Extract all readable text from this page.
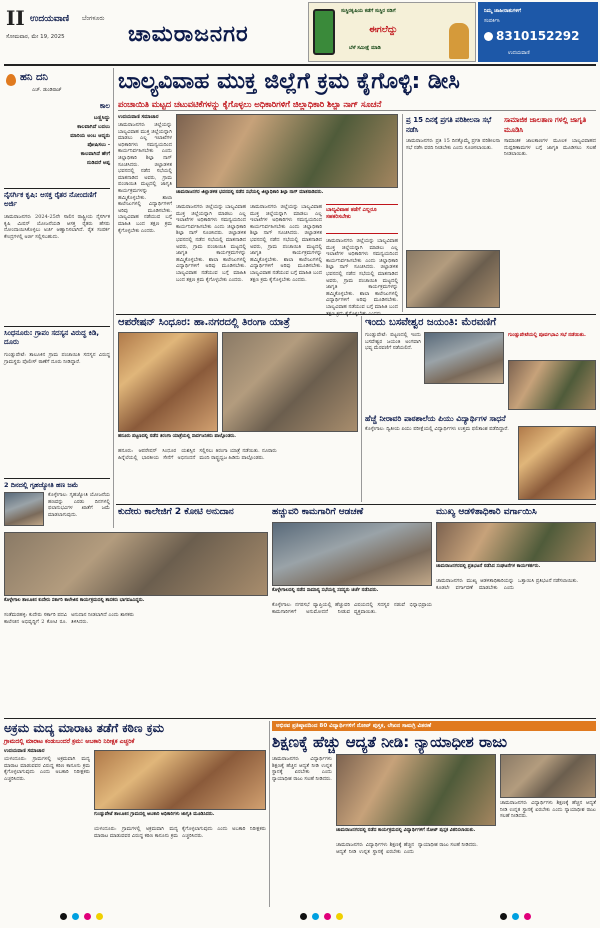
II ಉದಯವಾಣಿ ಬೆಂಗಳೂರು
ಸೋಮವಾರ, ಮೇ 19, 2025	ಚಾಮರಾಜನಗರ
ಸುಸ್ಥಿರಕೃಷಿಯ ಕಡೆಗೆ ಸುಸ್ಥಿರ ನಡಿಗೆ
ಈಗಲೆದ್ದು
ಬೆಳೆ ಸಮೀಕ್ಷೆ ಮಾಡಿ
ನಿಮ್ಮ ಜಾಹೀರಾತುಗಳಿಗೆ
ಸಂಪರ್ಕಿಸಿ
8310152292
ಉದಯವಾಣಿ
ಹನಿ ದನಿ
ಎಚ್. ಡುಂಡಿರಾಜ್
ಕಾಲ
ಬಣ್ಣಿಸಿದ್ದು
ಕಾಲವಾಗಿದೆ ಬದಲು
ಮಾರಿಯ ಅಂಬ ಆದ್ಯರು
ಪೋಷಿಸಲು -
ಕಾಲವಾಗಿದೆ ಹೇಗೆ
ನುಡಿದರೆ ಅಪ್ಪ
ನೈಸರ್ಗಿಕ ಕೃಷಿ: ಆಸಕ್ತ ರೈತರ ನೋಂದಣಿಗೆ ಅರ್ಜಿ
ಚಾಮರಾಜನಗರ: 2024-25ನೇ ಸಾಲಿನ ರಾಷ್ಟ್ರೀಯ ನೈಸರ್ಗಿಕ ಕೃಷಿ ಮಿಷನ್ ಯೋಜನೆಯಡಿ ಆಸಕ್ತ ರೈತರು ಹೆಸರು ನೋಂದಾಯಿಸಿಕೊಳ್ಳಲು ಅರ್ಜಿ ಆಹ್ವಾನಿಸಲಾಗಿದೆ. ರೈತ ಸಂಪರ್ಕ ಕೇಂದ್ರಗಳಲ್ಲಿ ಅರ್ಜಿ ಸಲ್ಲಿಸಬಹುದು.
ಸಿಂಧನೂರು: ಗ್ರಾಪಂ ಸದಸ್ಯನ ವಿರುದ್ಧ ಕಿಡಿ, ದೂರು
ಗುಂಡ್ಲುಪೇಟೆ: ತಾಲೂಕಿನ ಗ್ರಾಮ ಪಂಚಾಯಿತಿ ಸದಸ್ಯನ ವಿರುದ್ಧ ಗ್ರಾಮಸ್ಥರು ಪೊಲೀಸ್ ಠಾಣೆಗೆ ದೂರು ನೀಡಿದ್ದಾರೆ.
2 ದಿನದಲ್ಲಿ ಗೃಹಜ್ಯೋತಿ ಹಣ ಜಮೆ
ಕೊಳ್ಳೇಗಾಲ: ಗೃಹಜ್ಯೋತಿ ಯೋಜನೆಯ ಹಣವನ್ನು ಎರಡು ದಿನಗಳಲ್ಲಿ ಫಲಾನುಭವಿಗಳ ಖಾತೆಗೆ ಜಮೆ ಮಾಡಲಾಗುವುದು.
ಬಾಲ್ಯವಿವಾಹ ಮುಕ್ತ ಜಿಲ್ಲೆಗೆ ಕ್ರಮ ಕೈಗೊಳ್ಳಿ: ಡೀಸಿ
ಪಂಚಾಯಿತಿ ಮಟ್ಟದ ಚಟುವಟಿಕೆಗಳನ್ನು ಕೈಗೊಳ್ಳಲು ಅಧಿಕಾರಿಗಳಿಗೆ ಜಿಲ್ಲಾಧಿಕಾರಿ ಶಿಲ್ಪಾ ನಾಗ್ ಸೂಚನೆ
ಉದಯವಾಣಿ ಸಮಾಚಾರ
ಚಾಮರಾಜನಗರ: ಜಿಲ್ಲೆಯನ್ನು ಬಾಲ್ಯವಿವಾಹ ಮುಕ್ತ ಜಿಲ್ಲೆಯನ್ನಾಗಿ ಮಾಡಲು ಎಲ್ಲ ಇಲಾಖೆಗಳ ಅಧಿಕಾರಿಗಳು ಸಮನ್ವಯದಿಂದ ಕಾರ್ಯನಿರ್ವಹಿಸಬೇಕು ಎಂದು ಜಿಲ್ಲಾಧಿಕಾರಿ ಶಿಲ್ಪಾ ನಾಗ್ ಸೂಚಿಸಿದರು. ಜಿಲ್ಲಾಡಳಿತ ಭವನದಲ್ಲಿ ನಡೆದ ಸಭೆಯಲ್ಲಿ ಮಾತನಾಡಿದ ಅವರು, ಗ್ರಾಮ ಪಂಚಾಯಿತಿ ಮಟ್ಟದಲ್ಲಿ ಜಾಗೃತಿ ಕಾರ್ಯಕ್ರಮಗಳನ್ನು ಹಮ್ಮಿಕೊಳ್ಳಬೇಕು. ಶಾಲಾ ಕಾಲೇಜುಗಳಲ್ಲಿ ವಿದ್ಯಾರ್ಥಿಗಳಿಗೆ ಅರಿವು ಮೂಡಿಸಬೇಕು. ಬಾಲ್ಯವಿವಾಹ ನಡೆಯುವ ಬಗ್ಗೆ ಮಾಹಿತಿ ಬಂದ ತಕ್ಷಣ ಕ್ರಮ ಕೈಗೊಳ್ಳಬೇಕು ಎಂದರು.
ಚಾಮರಾಜನಗರ ಜಿಲ್ಲಾಡಳಿತ ಭವನದಲ್ಲಿ ನಡೆದ ಸಭೆಯಲ್ಲಿ ಜಿಲ್ಲಾಧಿಕಾರಿ ಶಿಲ್ಪಾ ನಾಗ್ ಮಾತನಾಡಿದರು.
ಚಾಮರಾಜನಗರ: ಜಿಲ್ಲೆಯನ್ನು ಬಾಲ್ಯವಿವಾಹ ಮುಕ್ತ ಜಿಲ್ಲೆಯನ್ನಾಗಿ ಮಾಡಲು ಎಲ್ಲ ಇಲಾಖೆಗಳ ಅಧಿಕಾರಿಗಳು ಸಮನ್ವಯದಿಂದ ಕಾರ್ಯನಿರ್ವಹಿಸಬೇಕು ಎಂದು ಜಿಲ್ಲಾಧಿಕಾರಿ ಶಿಲ್ಪಾ ನಾಗ್ ಸೂಚಿಸಿದರು. ಜಿಲ್ಲಾಡಳಿತ ಭವನದಲ್ಲಿ ನಡೆದ ಸಭೆಯಲ್ಲಿ ಮಾತನಾಡಿದ ಅವರು, ಗ್ರಾಮ ಪಂಚಾಯಿತಿ ಮಟ್ಟದಲ್ಲಿ ಜಾಗೃತಿ ಕಾರ್ಯಕ್ರಮಗಳನ್ನು ಹಮ್ಮಿಕೊಳ್ಳಬೇಕು. ಶಾಲಾ ಕಾಲೇಜುಗಳಲ್ಲಿ ವಿದ್ಯಾರ್ಥಿಗಳಿಗೆ ಅರಿವು ಮೂಡಿಸಬೇಕು. ಬಾಲ್ಯವಿವಾಹ ನಡೆಯುವ ಬಗ್ಗೆ ಮಾಹಿತಿ ಬಂದ ತಕ್ಷಣ ಕ್ರಮ ಕೈಗೊಳ್ಳಬೇಕು ಎಂದರು.
ಚಾಮರಾಜನಗರ: ಜಿಲ್ಲೆಯನ್ನು ಬಾಲ್ಯವಿವಾಹ ಮುಕ್ತ ಜಿಲ್ಲೆಯನ್ನಾಗಿ ಮಾಡಲು ಎಲ್ಲ ಇಲಾಖೆಗಳ ಅಧಿಕಾರಿಗಳು ಸಮನ್ವಯದಿಂದ ಕಾರ್ಯನಿರ್ವಹಿಸಬೇಕು ಎಂದು ಜಿಲ್ಲಾಧಿಕಾರಿ ಶಿಲ್ಪಾ ನಾಗ್ ಸೂಚಿಸಿದರು. ಜಿಲ್ಲಾಡಳಿತ ಭವನದಲ್ಲಿ ನಡೆದ ಸಭೆಯಲ್ಲಿ ಮಾತನಾಡಿದ ಅವರು, ಗ್ರಾಮ ಪಂಚಾಯಿತಿ ಮಟ್ಟದಲ್ಲಿ ಜಾಗೃತಿ ಕಾರ್ಯಕ್ರಮಗಳನ್ನು ಹಮ್ಮಿಕೊಳ್ಳಬೇಕು. ಶಾಲಾ ಕಾಲೇಜುಗಳಲ್ಲಿ ವಿದ್ಯಾರ್ಥಿಗಳಿಗೆ ಅರಿವು ಮೂಡಿಸಬೇಕು. ಬಾಲ್ಯವಿವಾಹ ನಡೆಯುವ ಬಗ್ಗೆ ಮಾಹಿತಿ ಬಂದ ತಕ್ಷಣ ಕ್ರಮ ಕೈಗೊಳ್ಳಬೇಕು ಎಂದರು.
ಬಾಲ್ಯವಿವಾಹ ತಡೆಗೆ ಎಲ್ಲರೂ ಸಹಕರಿಸಬೇಕು
ಚಾಮರಾಜನಗರ: ಜಿಲ್ಲೆಯನ್ನು ಬಾಲ್ಯವಿವಾಹ ಮುಕ್ತ ಜಿಲ್ಲೆಯನ್ನಾಗಿ ಮಾಡಲು ಎಲ್ಲ ಇಲಾಖೆಗಳ ಅಧಿಕಾರಿಗಳು ಸಮನ್ವಯದಿಂದ ಕಾರ್ಯನಿರ್ವಹಿಸಬೇಕು ಎಂದು ಜಿಲ್ಲಾಧಿಕಾರಿ ಶಿಲ್ಪಾ ನಾಗ್ ಸೂಚಿಸಿದರು. ಜಿಲ್ಲಾಡಳಿತ ಭವನದಲ್ಲಿ ನಡೆದ ಸಭೆಯಲ್ಲಿ ಮಾತನಾಡಿದ ಅವರು, ಗ್ರಾಮ ಪಂಚಾಯಿತಿ ಮಟ್ಟದಲ್ಲಿ ಜಾಗೃತಿ ಕಾರ್ಯಕ್ರಮಗಳನ್ನು ಹಮ್ಮಿಕೊಳ್ಳಬೇಕು. ಶಾಲಾ ಕಾಲೇಜುಗಳಲ್ಲಿ ವಿದ್ಯಾರ್ಥಿಗಳಿಗೆ ಅರಿವು ಮೂಡಿಸಬೇಕು. ಬಾಲ್ಯವಿವಾಹ ನಡೆಯುವ ಬಗ್ಗೆ ಮಾಹಿತಿ ಬಂದ
ಪ್ರ 15 ದಿನಕ್ಕೆ ಪ್ರಗತಿ ಪರಿಶೀಲನಾ ಸಭೆ ನಡೆಸಿ
ಚಾಮರಾಜನಗರ: ಪ್ರತಿ 15 ದಿನಕ್ಕೊಮ್ಮೆ ಪ್ರಗತಿ ಪರಿಶೀಲನಾ ಸಭೆ ನಡೆಸಿ ವರದಿ ನೀಡಬೇಕು ಎಂದು ಸೂಚಿಸಲಾಯಿತು.
ಸಾಮಾಜಿಕ ಜಾಲತಾಣ ಗಳಲ್ಲಿ ಜಾಗೃತಿ ಮೂಡಿಸಿ
ಸಾಮಾಜಿಕ ಜಾಲತಾಣಗಳ ಮೂಲಕ ಬಾಲ್ಯವಿವಾಹದ ದುಷ್ಪರಿಣಾಮಗಳ ಬಗ್ಗೆ ಜಾಗೃತಿ ಮೂಡಿಸಲು ಸಲಹೆ ನೀಡಲಾಯಿತು.
ಆಪರೇಷನ್ ಸಿಂಧೂರ: ಹಾ.ನಗರದಲ್ಲಿ ತಿರಂಗಾ ಯಾತ್ರೆ
ಹನೂರು ಪಟ್ಟಣದಲ್ಲಿ ನಡೆದ ತಿರಂಗಾ ಯಾತ್ರೆಯಲ್ಲಿ ಸಾರ್ವಜನಿಕರು ಪಾಲ್ಗೊಂಡರು.
ಹನೂರು: ಆಪರೇಷನ್ ಸಿಂಧೂರ ಯಶಸ್ಸಿನ ಹಿನ್ನೆಲೆಯಲ್ಲಿ ಭಾರತೀಯ ಸೇನೆಗೆ ಅಭಿನಂದನೆ ಸಲ್ಲಿಸಲು ತಿರಂಗಾ ಯಾತ್ರೆ ನಡೆಯಿತು. ನೂರಾರು ಮಂದಿ ರಾಷ್ಟ್ರಧ್ವಜ ಹಿಡಿದು ಪಾಲ್ಗೊಂಡರು.
ಇಂದು ಬಸವೇಶ್ವರ ಜಯಂತಿ: ಮೆರವಣಿಗೆ
ಗುಂಡ್ಲುಪೇಟೆ: ಪಟ್ಟಣದಲ್ಲಿ ಇಂದು ಬಸವೇಶ್ವರ ಜಯಂತಿ ಅಂಗವಾಗಿ ಭವ್ಯ ಮೆರವಣಿಗೆ ನಡೆಯಲಿದೆ.
ಗುಂಡ್ಲುಪೇಟೆಯಲ್ಲಿ ಪೂರ್ವಭಾವಿ ಸಭೆ ನಡೆಯಿತು.
ಹೆಚ್ಚೆ ನೀರಾವರಿ ಪಾಠಶಾಲೆಯ ಪಿಯು ವಿದ್ಯಾರ್ಥಿಗಳ ಸಾಧನೆ
ಕೊಳ್ಳೇಗಾಲ: ದ್ವಿತೀಯ ಪಿಯು ಪರೀಕ್ಷೆಯಲ್ಲಿ ವಿದ್ಯಾರ್ಥಿಗಳು ಉತ್ತಮ ಫಲಿತಾಂಶ ಪಡೆದಿದ್ದಾರೆ.
ಕುದೇರು ಕಾಲೇಜಿಗೆ 2 ಕೋಟಿ ಅನುದಾನ	ಹಚ್ಚುವರಿ ಕಾಮಗಾರಿಗೆ ಆಡಚಣೆ	ಮುಖ್ಯ ಆಡಳಿತಾಧಿಕಾರಿ ವರ್ಗಾಯಿಸಿ
ಕೊಳ್ಳೇಗಾಲ ತಾಲೂಕಿನ ಕುದೇರು ಸರ್ಕಾರಿ ಕಾಲೇಜಿನ ಕಾರ್ಯಕ್ರಮದಲ್ಲಿ ಶಾಸಕರು ಭಾಗವಹಿಸಿದ್ದರು.
ಸಂತೆಮರಹಳ್ಳಿ: ಕುದೇರು ಸರ್ಕಾರಿ ಪದವಿ ಕಾಲೇಜಿನ ಅಭಿವೃದ್ಧಿಗೆ 2 ಕೋಟಿ ರೂ. ಅನುದಾನ ನೀಡಲಾಗಿದೆ ಎಂದು ಶಾಸಕರು ತಿಳಿಸಿದರು.
ಕೊಳ್ಳೇಗಾಲದಲ್ಲಿ ನಡೆದ ಸಾಮಾನ್ಯ ಸಭೆಯಲ್ಲಿ ಸದಸ್ಯರು ಚರ್ಚೆ ನಡೆಸಿದರು.
ಕೊಳ್ಳೇಗಾಲ: ನಗರಸಭೆ ವ್ಯಾಪ್ತಿಯಲ್ಲಿ ಹೆಚ್ಚುವರಿ ಕಾಮಗಾರಿಗಳಿಗೆ ಅನುಮೋದನೆ ನೀಡುವ ವಿಷಯದಲ್ಲಿ ಸದಸ್ಯರ ನಡುವೆ ಭಿನ್ನಾಭಿಪ್ರಾಯ ವ್ಯಕ್ತವಾಯಿತು.
ಚಾಮರಾಜನಗರದಲ್ಲಿ ಪ್ರತಿಭಟನೆ ನಡೆಸಿದ ಸಂಘಟನೆಗಳ ಕಾರ್ಯಕರ್ತರು.
ಚಾಮರಾಜನಗರ: ಮುಖ್ಯ ಆಡಳಿತಾಧಿಕಾರಿಯನ್ನು ಕೂಡಲೇ ವರ್ಗಾವಣೆ ಮಾಡಬೇಕು ಎಂದು ಒತ್ತಾಯಿಸಿ ಪ್ರತಿಭಟನೆ ನಡೆಸಲಾಯಿತು.
ಅಕ್ರಮ ಮದ್ಯ ಮಾರಾಟ ತಡೆಗೆ ಕಠಿಣ ಕ್ರಮ
ಗ್ರಾಮದಲ್ಲಿ ಮಾರಾಟ ಕಂಡುಬಂದರೆ ಕ್ರಮ: ಅಬಕಾರಿ ನಿರೀಕ್ಷಕ ಎಚ್ಚರಿಕೆ
ಉದಯವಾಣಿ ಸಮಾಚಾರ
ಯಳಂದೂರು: ಗ್ರಾಮಗಳಲ್ಲಿ ಅಕ್ರಮವಾಗಿ ಮದ್ಯ ಮಾರಾಟ ಮಾಡುವವರ ವಿರುದ್ಧ ಕಠಿಣ ಕಾನೂನು ಕ್ರಮ ಕೈಗೊಳ್ಳಲಾಗುವುದು ಎಂದು ಅಬಕಾರಿ ನಿರೀಕ್ಷಕರು ಎಚ್ಚರಿಸಿದರು.
ಗುಂಡ್ಲುಪೇಟೆ ತಾಲೂಕಿನ ಗ್ರಾಮದಲ್ಲಿ ಅಬಕಾರಿ ಅಧಿಕಾರಿಗಳು ಜಾಗೃತಿ ಮೂಡಿಸಿದರು.
ಯಳಂದೂರು: ಗ್ರಾಮಗಳಲ್ಲಿ ಅಕ್ರಮವಾಗಿ ಮದ್ಯ ಮಾರಾಟ ಮಾಡುವವರ ವಿರುದ್ಧ ಕಠಿಣ ಕಾನೂನು ಕ್ರಮ ಕೈಗೊಳ್ಳಲಾಗುವುದು ಎಂದು ಅಬಕಾರಿ ನಿರೀಕ್ಷಕರು ಎಚ್ಚರಿಸಿದರು.
ಅಭಿನವ ಪ್ರತಿಷ್ಠಾನದಿಂದ 80 ವಿದ್ಯಾರ್ಥಿಗಳಿಗೆ ನೋಟ್ ಪುಸ್ತಕ, ಲೇಖನ ಸಾಮಗ್ರಿ ವಿತರಣೆ
ಶಿಕ್ಷಣಕ್ಕೆ ಹೆಚ್ಚು ಆದ್ಯತೆ ನೀಡಿ: ನ್ಯಾಯಾಧೀಶ ರಾಜು
ಚಾಮರಾಜನಗರ: ವಿದ್ಯಾರ್ಥಿಗಳು ಶಿಕ್ಷಣಕ್ಕೆ ಹೆಚ್ಚಿನ ಆದ್ಯತೆ ನೀಡಿ ಉನ್ನತ ಸ್ಥಾನಕ್ಕೆ ಏರಬೇಕು ಎಂದು ನ್ಯಾಯಾಧೀಶ ರಾಜು ಸಲಹೆ ನೀಡಿದರು.
ಚಾಮರಾಜನಗರದಲ್ಲಿ ನಡೆದ ಕಾರ್ಯಕ್ರಮದಲ್ಲಿ ವಿದ್ಯಾರ್ಥಿಗಳಿಗೆ ನೋಟ್ ಪುಸ್ತಕ ವಿತರಿಸಲಾಯಿತು.
ಚಾಮರಾಜನಗರ: ವಿದ್ಯಾರ್ಥಿಗಳು ಶಿಕ್ಷಣಕ್ಕೆ ಹೆಚ್ಚಿನ ಆದ್ಯತೆ ನೀಡಿ ಉನ್ನತ ಸ್ಥಾನಕ್ಕೆ ಏರಬೇಕು ಎಂದು ನ್ಯಾಯಾಧೀಶ ರಾಜು ಸಲಹೆ ನೀಡಿದರು.
ಚಾಮರಾಜನಗರ: ವಿದ್ಯಾರ್ಥಿಗಳು ಶಿಕ್ಷಣಕ್ಕೆ ಹೆಚ್ಚಿನ ಆದ್ಯತೆ ನೀಡಿ ಉನ್ನತ ಸ್ಥಾನಕ್ಕೆ ಏರಬೇಕು ಎಂದು ನ್ಯಾಯಾಧೀಶ ರಾಜು ಸಲಹೆ ನೀಡಿದರು.
